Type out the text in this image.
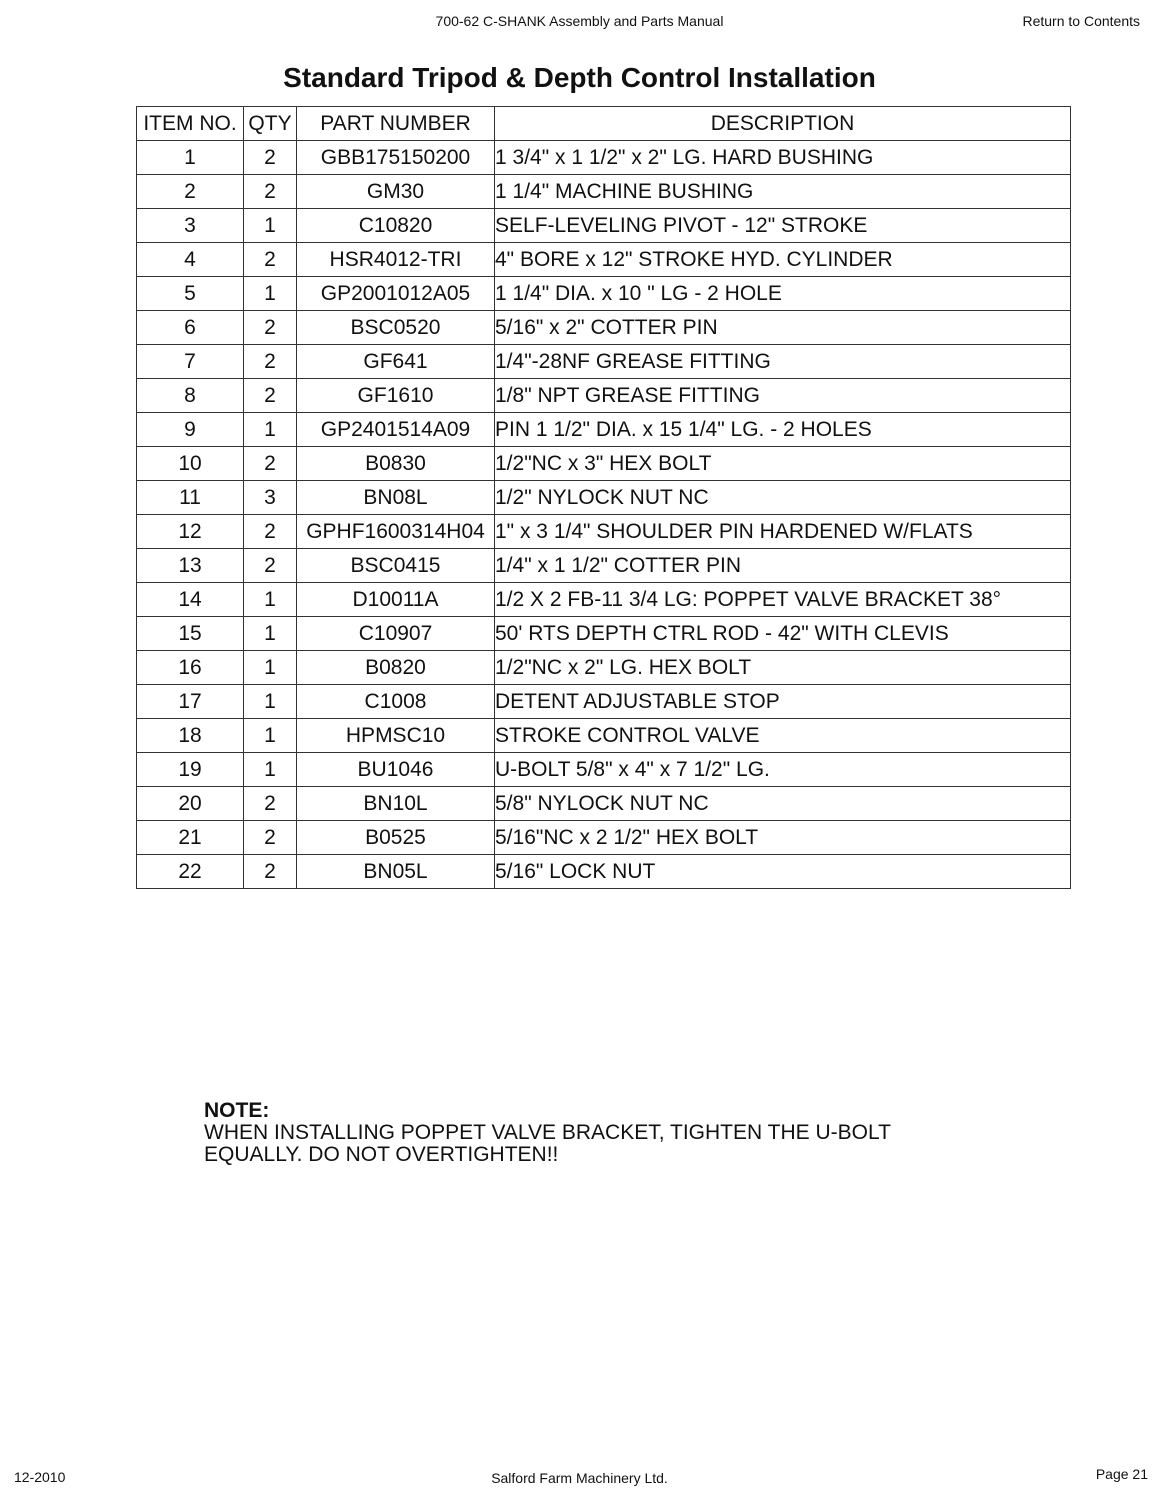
700-62 C-SHANK Assembly and Parts Manual	Return to Contents
Standard Tripod & Depth Control Installation
ITEM NO.	QTY	PART NUMBER	DESCRIPTION
1	2	GBB175150200	1 3/4" x 1 1/2" x 2" LG. HARD BUSHING
2	2	GM30	1 1/4" MACHINE BUSHING
3	1	C10820	SELF-LEVELING PIVOT - 12" STROKE
4	2	HSR4012-TRI	4" BORE x 12" STROKE HYD. CYLINDER
5	1	GP2001012A05	1 1/4" DIA. x 10 " LG - 2 HOLE
6	2	BSC0520	5/16" x 2" COTTER PIN
7	2	GF641	1/4"-28NF GREASE FITTING
8	2	GF1610	1/8" NPT GREASE FITTING
9	1	GP2401514A09	PIN 1 1/2" DIA. x 15 1/4" LG. - 2 HOLES
10	2	B0830	1/2"NC x 3" HEX BOLT
11	3	BN08L	1/2" NYLOCK NUT NC
12	2	GPHF1600314H04	1" x 3 1/4" SHOULDER PIN HARDENED W/FLATS
13	2	BSC0415	1/4" x 1 1/2" COTTER PIN
14	1	D10011A	1/2 X 2 FB-11 3/4 LG: POPPET VALVE BRACKET 38°
15	1	C10907	50' RTS DEPTH CTRL ROD - 42" WITH CLEVIS
16	1	B0820	1/2"NC x 2" LG. HEX BOLT
17	1	C1008	DETENT ADJUSTABLE STOP
18	1	HPMSC10	STROKE CONTROL VALVE
19	1	BU1046	U-BOLT 5/8" x 4" x 7 1/2" LG.
20	2	BN10L	5/8" NYLOCK NUT NC
21	2	B0525	5/16"NC x 2 1/2" HEX BOLT
22	2	BN05L	5/16" LOCK NUT
NOTE:
WHEN INSTALLING POPPET VALVE BRACKET, TIGHTEN THE U-BOLT
EQUALLY. DO NOT OVERTIGHTEN!!
12-2010	Salford Farm Machinery Ltd.	Page 21
